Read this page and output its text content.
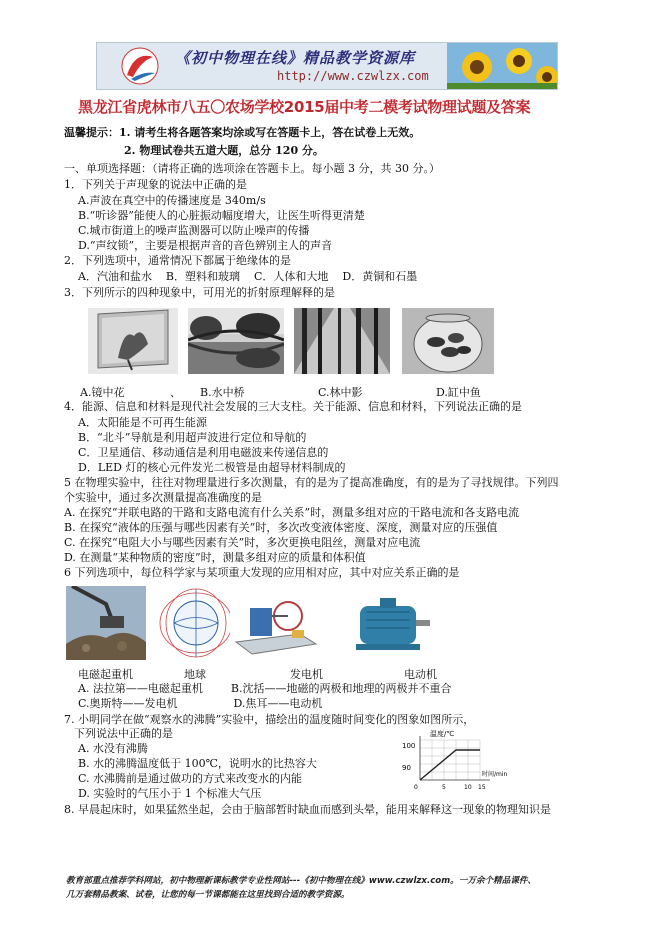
《初中物理在线》精品教学资源库
http://www.czwlzx.com
黑龙江省虎林市八五〇农场学校2015届中考二模考试物理试题及答案
温馨提示：1. 请考生将各题答案均涂或写在答题卡上，答在试卷上无效。
2. 物理试卷共五道大题，总分 120 分。
一、单项选择题：（请将正确的选项涂在答题卡上。每小题 3 分，共 30 分。）
1．下列关于声现象的说法中正确的是
A.声波在真空中的传播速度是 340m/s
B.“听诊器”能使人的心脏振动幅度增大，让医生听得更清楚
C.城市街道上的噪声监测器可以防止噪声的传播
D.“声纹锁”，主要是根据声音的音色辨别主人的声音
2．下列选项中，通常情况下都属于绝缘体的是
A．汽油和盐水    B．塑料和玻璃    C．人体和大地    D．黄铜和石墨
3．下列所示的四种现象中，可用光的折射原理解释的是
A.镜中花	、 B.水中桥	C.林中影	D.缸中鱼
4．能源、信息和材料是现代社会发展的三大支柱。关于能源、信息和材料，下列说法正确的是
A．太阳能是不可再生能源
B．“北斗”导航是利用超声波进行定位和导航的
C．卫星通信、移动通信是利用电磁波来传递信息的
D．LED 灯的核心元件发光二极管是由超导材料制成的
5 在物理实验中，往往对物理量进行多次测量，有的是为了提高准确度，有的是为了寻找规律。下列四
个实验中，通过多次测量提高准确度的是
A. 在探究“并联电路的干路和支路电流有什么关系”时，测量多组对应的干路电流和各支路电流
B. 在探究“液体的压强与哪些因素有关”时，多次改变液体密度、深度，测量对应的压强值
C. 在探究“电阻大小与哪些因素有关”时，多次更换电阻丝，测量对应电流
D. 在测量“某种物质的密度”时，测量多组对应的质量和体积值
6 下列选项中，每位科学家与某项重大发现的应用相对应，其中对应关系正确的是
电磁起重机	地球	发电机	电动机
A. 法拉第——电磁起重机        B.沈括——地磁的两极和地理的两极并不重合
C.奥斯特——发电机                D.焦耳——电动机
7. 小明同学在做“观察水的沸腾”实验中，描绘出的温度随时间变化的图象如图所示，
下列说法中正确的是
A. 水没有沸腾
B. 水的沸腾温度低于 100℃，说明水的比热容大
C. 水沸腾前是通过做功的方式来改变水的内能
D. 实验时的气压小于 1 个标准大气压
温度/℃
100
90
0	5	10 15
时间/min
8. 早晨起床时，如果猛然坐起，会由于脑部暂时缺血而感到头晕，能用来解释这一现象的物理知识是
教育部重点推荐学科网站，初中物理新课标教学专业性网站---《初中物理在线》www.czwlzx.com。一万余个精品课件、
几万套精品教案、试卷，让您的每一节课都能在这里找到合适的教学资源。
